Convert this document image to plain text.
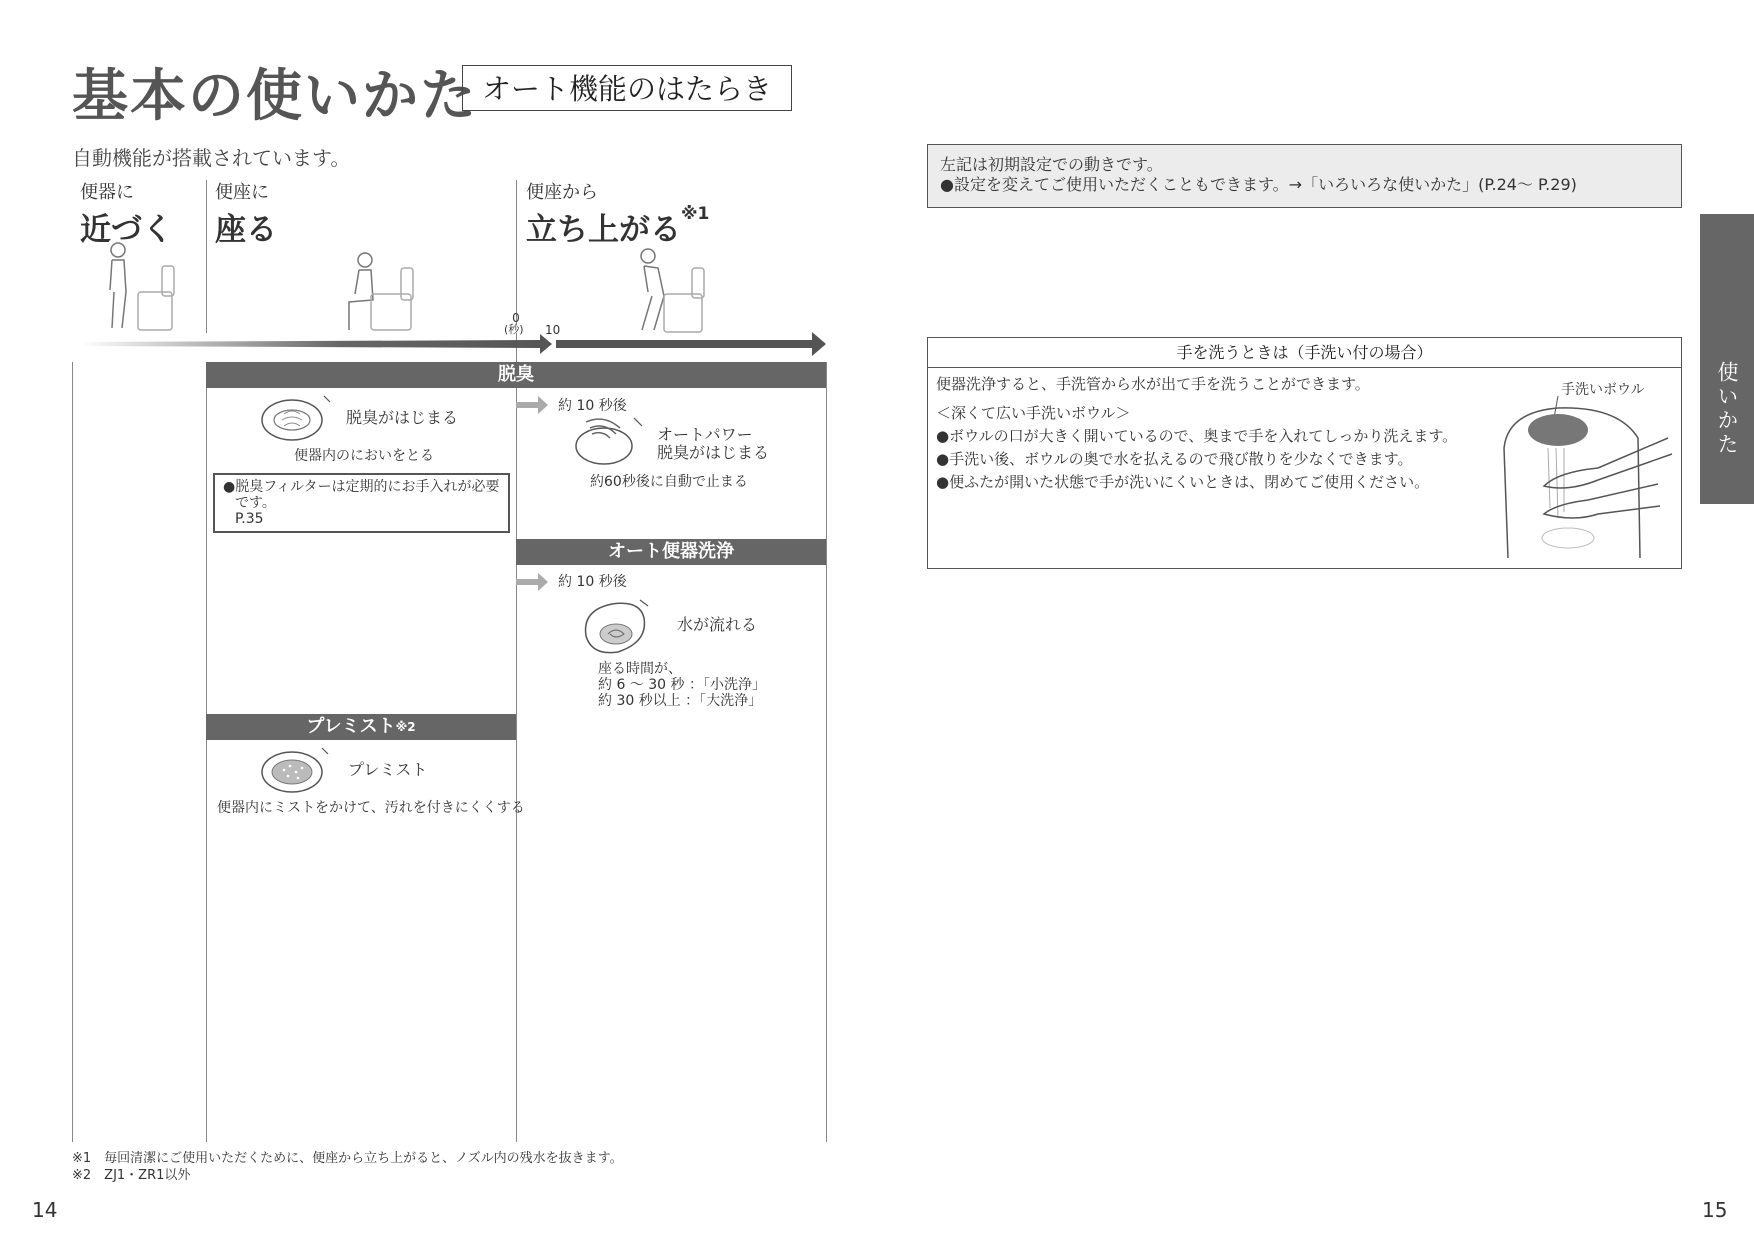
基本の使いかた オート機能のはたらき
自動機能が搭載されています。
便器に
近づく
便座に
座る
便座から
立ち上がる$^{※1}$
0
(秒) 10
脱臭
脱臭がはじまる
便器内のにおいをとる
●脱臭フィルターは定期的にお手入れが必要
です。
P.35
約 10 秒後
オートパワー
脱臭がはじまる
約60秒後に自動で止まる
オート便器洗浄
約 10 秒後
水が流れる
座る時間が、
約 6 ～ 30 秒 ：「小洗浄」
約 30 秒以上 ：「大洗浄」
プレミスト$^{※2}$
プレミスト
便器内にミストをかけて、汚れを付きにくくする
※1　毎回清潔にご使用いただくために、便座から立ち上がると、ノズル内の残水を抜きます。
※2　ZJ1・ZR1以外
14	15
左記は初期設定での動きです。
●設定を変えてご使用いただくこともできます。→「いろいろな使いかた」(P.24～ P.29)
手を洗うときは（手洗い付の場合）
便器洗浄すると、手洗管から水が出て手を洗うことができます。
＜深くて広い手洗いボウル＞
●ボウルの口が大きく開いているので、奥まで手を入れてしっかり洗えます。
●手洗い後、ボウルの奥で水を払えるので飛び散りを少なくできます。
●便ふたが開いた状態で手が洗いにくいときは、閉めてご使用ください。
手洗いボウル	使いかた
